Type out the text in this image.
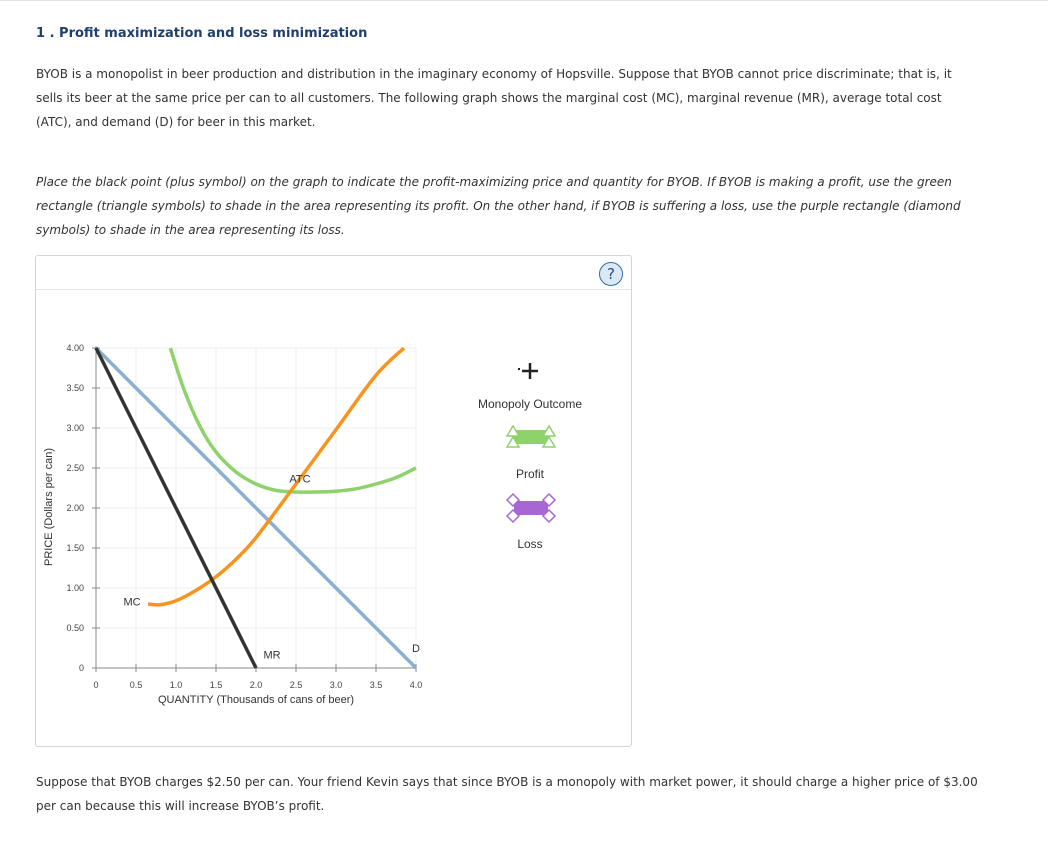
1 . Profit maximization and loss minimization
BYOB is a monopolist in beer production and distribution in the imaginary economy of Hopsville. Suppose that BYOB cannot price discriminate; that is, it sells its beer at the same price per can to all customers. The following graph shows the marginal cost (MC), marginal revenue (MR), average total cost (ATC), and demand (D) for beer in this market.
Place the black point (plus symbol) on the graph to indicate the profit-maximizing price and quantity for BYOB. If BYOB is making a profit, use the green rectangle (triangle symbols) to shade in the area representing its profit. On the other hand, if BYOB is suffering a loss, use the purple rectangle (diamond symbols) to shade in the area representing its loss.
?
0
0.50
1.00
1.50
2.00
2.50
3.00
3.50
4.00
0	0.5	1.0	1.5	2.0	2.5	3.0	3.5	4.0
ATC
MC
MR
D
PRICE (Dollars per can)
QUANTITY (Thousands of cans of beer)
Monopoly Outcome
Profit
Loss
Suppose that BYOB charges $2.50 per can. Your friend Kevin says that since BYOB is a monopoly with market power, it should charge a higher price of $3.00 per can because this will increase BYOB’s profit.
